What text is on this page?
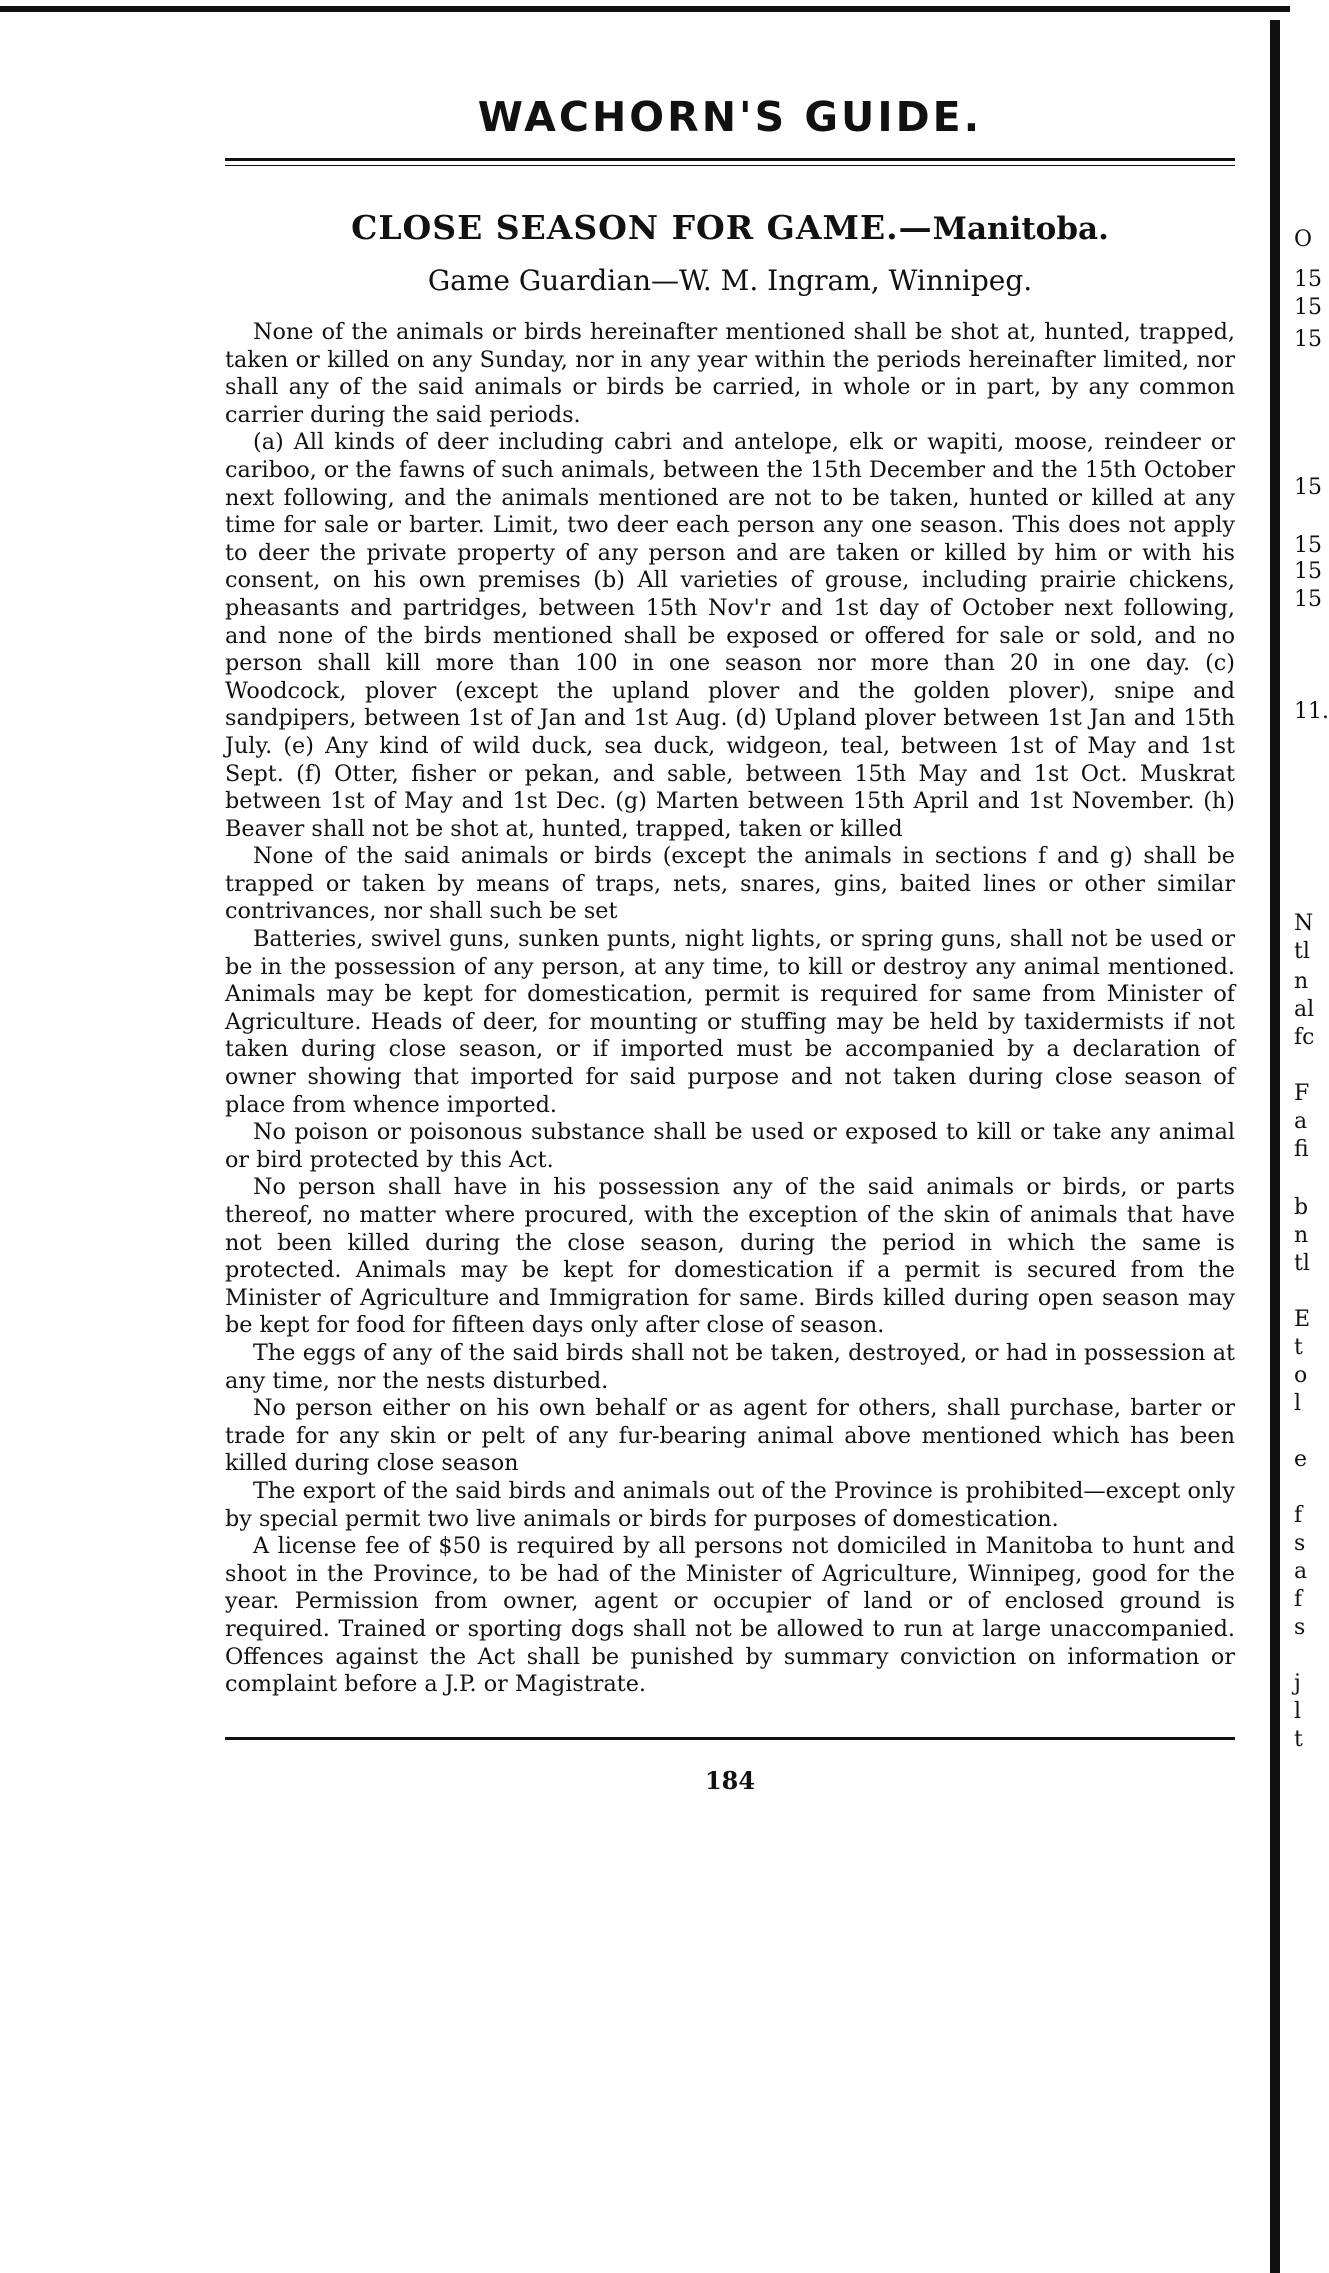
WACHORN'S GUIDE.
CLOSE SEASON FOR GAME.—Manitoba.
Game Guardian—W. M. Ingram, Winnipeg.

None of the animals or birds hereinafter mentioned shall be shot at, hunted, trapped, taken or killed on any Sunday, nor in any year within the periods hereinafter limited, nor shall any of the said animals or birds be carried, in whole or in part, by any common carrier during the said periods.

(a) All kinds of deer including cabri and antelope, elk or wapiti, moose, reindeer or cariboo, or the fawns of such animals, between the 15th December and the 15th October next following, and the animals mentioned are not to be taken, hunted or killed at any time for sale or barter. Limit, two deer each person any one season. This does not apply to deer the private property of any person and are taken or killed by him or with his consent, on his own premises (b) All varieties of grouse, including prairie chickens, pheasants and partridges, between 15th Nov'r and 1st day of October next following, and none of the birds mentioned shall be exposed or offered for sale or sold, and no person shall kill more than 100 in one season nor more than 20 in one day. (c) Woodcock, plover (except the upland plover and the golden plover), snipe and sandpipers, between 1st of Jan and 1st Aug. (d) Upland plover between 1st Jan and 15th July. (e) Any kind of wild duck, sea duck, widgeon, teal, between 1st of May and 1st Sept. (f) Otter, fisher or pekan, and sable, between 15th May and 1st Oct. Muskrat between 1st of May and 1st Dec. (g) Marten between 15th April and 1st November. (h) Beaver shall not be shot at, hunted, trapped, taken or killed

None of the said animals or birds (except the animals in sections f and g) shall be trapped or taken by means of traps, nets, snares, gins, baited lines or other similar contrivances, nor shall such be set

Batteries, swivel guns, sunken punts, night lights, or spring guns, shall not be used or be in the possession of any person, at any time, to kill or destroy any animal mentioned. Animals may be kept for domestication, permit is required for same from Minister of Agriculture. Heads of deer, for mounting or stuffing may be held by taxidermists if not taken during close season, or if imported must be accompanied by a declaration of owner showing that imported for said purpose and not taken during close season of place from whence imported.

No poison or poisonous substance shall be used or exposed to kill or take any animal or bird protected by this Act.

No person shall have in his possession any of the said animals or birds, or parts thereof, no matter where procured, with the exception of the skin of animals that have not been killed during the close season, during the period in which the same is protected. Animals may be kept for domestication if a permit is secured from the Minister of Agriculture and Immigration for same. Birds killed during open season may be kept for food for fifteen days only after close of season.

The eggs of any of the said birds shall not be taken, destroyed, or had in possession at any time, nor the nests disturbed.

No person either on his own behalf or as agent for others, shall purchase, barter or trade for any skin or pelt of any fur-bearing animal above mentioned which has been killed during close season

The export of the said birds and animals out of the Province is prohibited—except only by special permit two live animals or birds for purposes of domestication.

A license fee of $50 is required by all persons not domiciled in Manitoba to hunt and shoot in the Province, to be had of the Minister of Agriculture, Winnipeg, good for the year. Permission from owner, agent or occupier of land or of enclosed ground is required. Trained or sporting dogs shall not be allowed to run at large unaccompanied. Offences against the Act shall be punished by summary conviction on information or complaint before a J.P. or Magistrate.

184
O
15
15
15
15
15
15
15
11.
N
tl
n
al
fc
F
a
fi
b
n
tl
E
t
o
l
e
f
s
a
f
s
j
l
t
